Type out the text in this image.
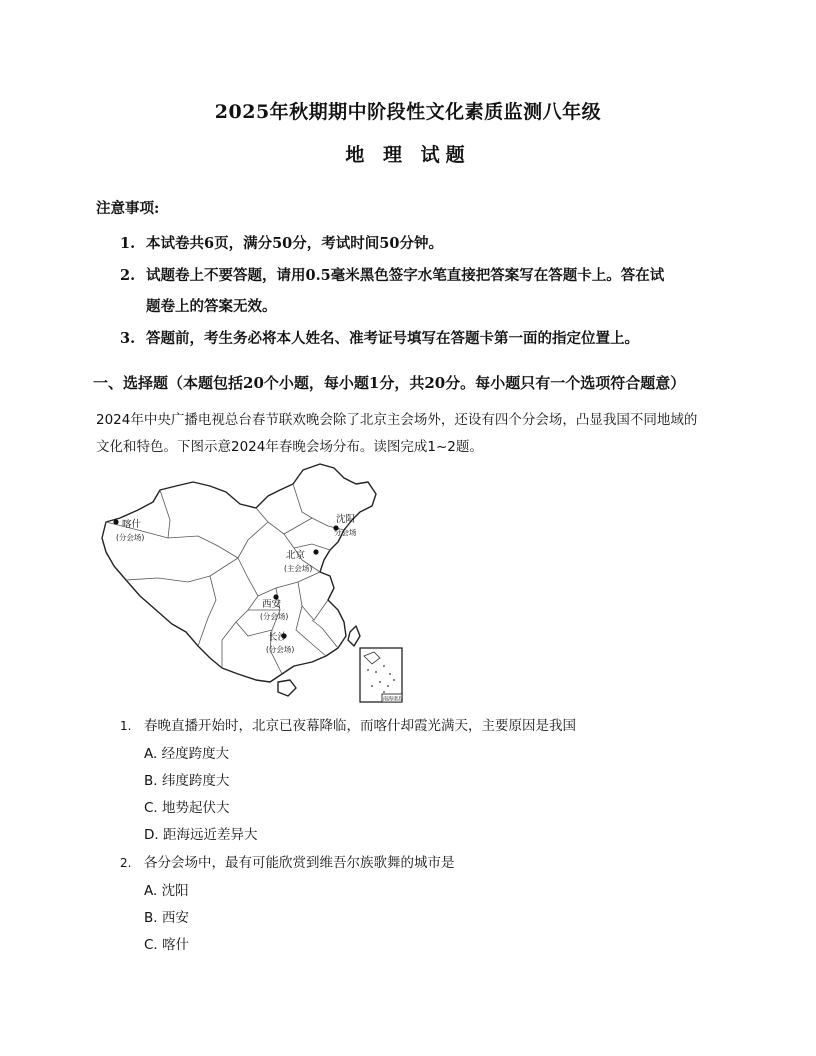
2025年秋期期中阶段性文化素质监测八年级
地 理 试题
注意事项:
1. 本试卷共6页，满分50分，考试时间50分钟。
2. 试题卷上不要答题，请用0.5毫米黑色签字水笔直接把答案写在答题卡上。答在试
题卷上的答案无效。
3. 答题前，考生务必将本人姓名、准考证号填写在答题卡第一面的指定位置上。
一、选择题（本题包括20个小题，每小题1分，共20分。每小题只有一个选项符合题意）
2024年中央广播电视总台春节联欢晚会除了北京主会场外，还设有四个分会场，凸显我国不同地域的
文化和特色。下图示意2024年春晚会场分布。读图完成1~2题。
喀什
(分会场)
沈阳
分会场
北京
(主会场)
西安
(分会场)
长沙
(分会场)
南海诸岛
1. 春晚直播开始时，北京已夜幕降临，而喀什却霞光满天，主要原因是我国
A. 经度跨度大
B. 纬度跨度大
C. 地势起伏大
D. 距海远近差异大
2. 各分会场中，最有可能欣赏到维吾尔族歌舞的城市是
A. 沈阳
B. 西安
C. 喀什
